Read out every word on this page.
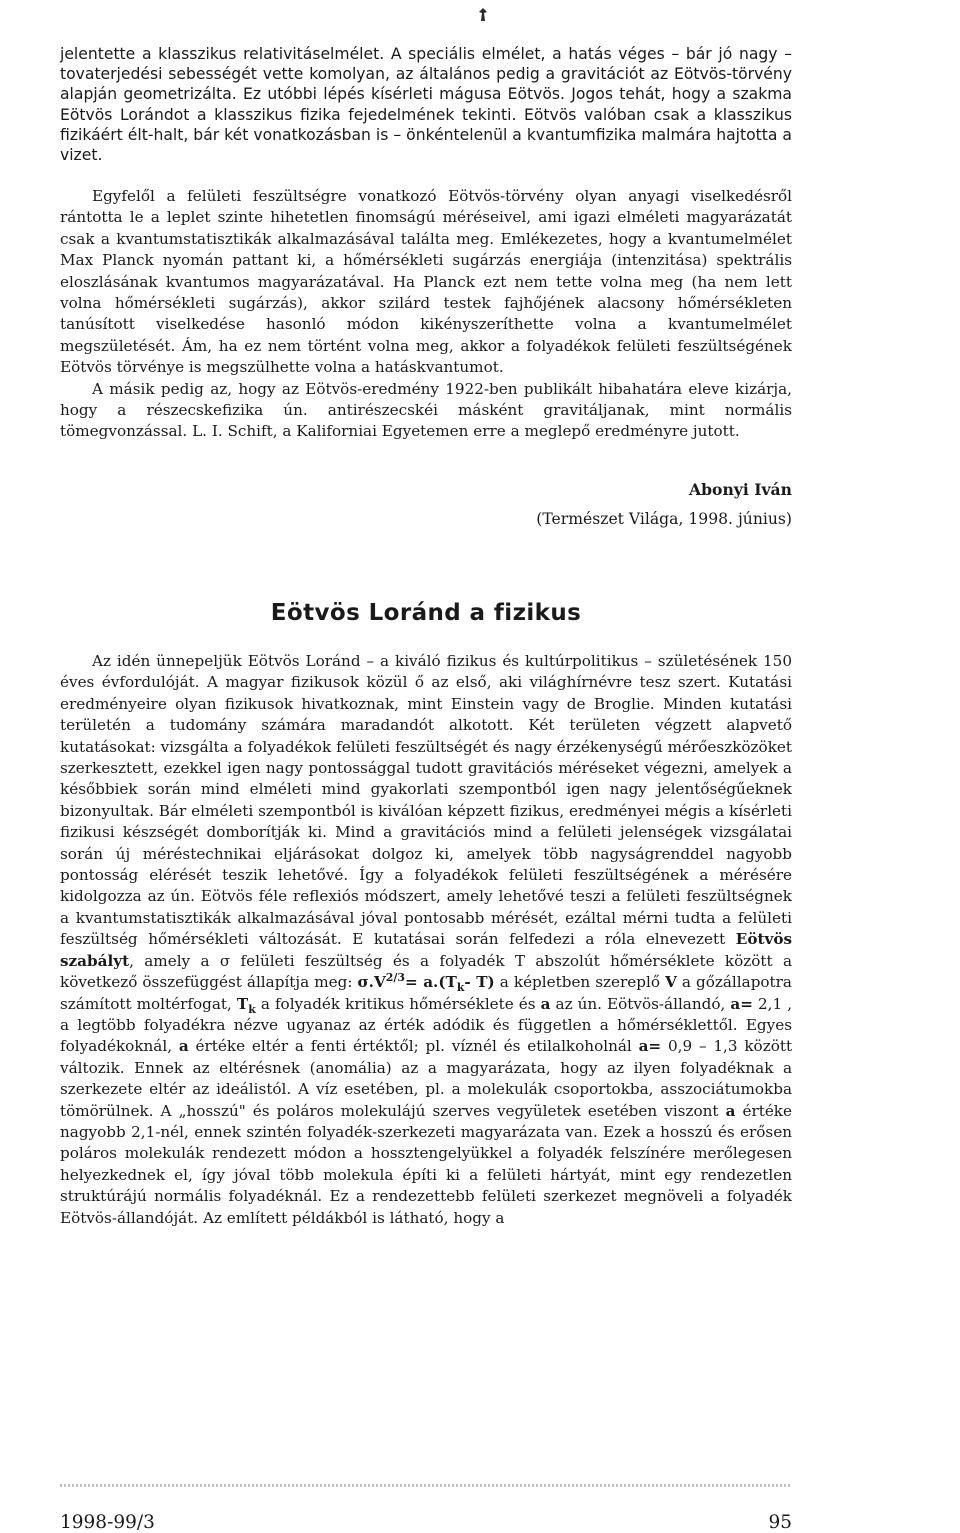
jelentette a klasszikus relativitáselmélet. A speciális elmélet, a hatás véges – bár jó nagy – tovaterjedési sebességét vette komolyan, az általános pedig a gravitációt az Eötvös-törvény alapján geometrizálta. Ez utóbbi lépés kísérleti mágusa Eötvös. Jogos tehát, hogy a szakma Eötvös Lorándot a klasszikus fizika fejedelmének tekinti. Eötvös valóban csak a klasszikus fizikáért élt-halt, bár két vonatkozásban is – önkéntelenül a kvantumfizika malmára hajtotta a vizet.

Egyfelől a felületi feszültségre vonatkozó Eötvös-törvény olyan anyagi viselkedésről rántotta le a leplet szinte hihetetlen finomságú méréseivel, ami igazi elméleti magyarázatát csak a kvantumstatisztikák alkalmazásával találta meg. Emlékezetes, hogy a kvantumelmélet Max Planck nyomán pattant ki, a hőmérsékleti sugárzás energiája (intenzitása) spektrális eloszlásának kvantumos magyarázatával. Ha Planck ezt nem tette volna meg (ha nem lett volna hőmérsékleti sugárzás), akkor szilárd testek fajhőjének alacsony hőmérsékleten tanúsított viselkedése hasonló módon kikényszeríthette volna a kvantumelmélet megszületését. Ám, ha ez nem történt volna meg, akkor a folyadékok felületi feszültségének Eötvös törvénye is megszülhette volna a hatáskvantumot.

A másik pedig az, hogy az Eötvös-eredmény 1922-ben publikált hibahatára eleve kizárja, hogy a részecskefizika ún. antirészecskéi másként gravitáljanak, mint normális tömegvonzással. L. I. Schift, a Kaliforniai Egyetemen erre a meglepő eredményre jutott.

Abonyi Iván
(Természet Világa, 1998. június)
Eötvös Loránd a fizikus

Az idén ünnepeljük Eötvös Loránd – a kiváló fizikus és kultúrpolitikus – születésének 150 éves évfordulóját. A magyar fizikusok közül ő az első, aki világhírnévre tesz szert. Kutatási eredményeire olyan fizikusok hivatkoznak, mint Einstein vagy de Broglie. Minden kutatási területén a tudomány számára maradandót alkotott. Két területen végzett alapvető kutatásokat: vizsgálta a folyadékok felületi feszültségét és nagy érzékenységű mérőeszközöket szerkesztett, ezekkel igen nagy pontossággal tudott gravitációs méréseket végezni, amelyek a későbbiek során mind elméleti mind gyakorlati szempontból igen nagy jelentőségűeknek bizonyultak. Bár elméleti szempontból is kiválóan képzett fizikus, eredményei mégis a kísérleti fizikusi készségét domborítják ki. Mind a gravitációs mind a felületi jelenségek vizsgálatai során új méréstechnikai eljárásokat dolgoz ki, amelyek több nagyságrenddel nagyobb pontosság elérését teszik lehetővé. Így a folyadékok felületi feszültségének a mérésére kidolgozza az ún. Eötvös féle reflexiós módszert, amely lehetővé teszi a felületi feszültségnek a kvantumstatisztikák alkalmazásával jóval pontosabb mérését, ezáltal mérni tudta a felületi feszültség hőmérsékleti változását. E kutatásai során felfedezi a róla elnevezett Eötvös szabályt, amely a σ felületi feszültség és a folyadék T abszolút hőmérséklete között a következő összefüggést állapítja meg: $\sigma.V^{2/3}= a.(T_k-$ T) a képletben szereplő V a gőzállapotra számított moltérfogat, $T_k$ a folyadék kritikus hőmérséklete és a az ún. Eötvös-állandó, a= 2,1 , a legtöbb folyadékra nézve ugyanaz az érték adódik és független a hőmérséklettől. Egyes folyadékoknál, a értéke eltér a fenti értéktől; pl. víznél és etilalkoholnál a= 0,9 – 1,3 között változik. Ennek az eltérésnek (anomália) az a magyarázata, hogy az ilyen folyadéknak a szerkezete eltér az ideálistól. A víz esetében, pl. a molekulák csoportokba, asszociátumokba tömörülnek. A „hosszú" és poláros molekulájú szerves vegyületek esetében viszont a értéke nagyobb 2,1-nél, ennek szintén folyadék-szerkezeti magyarázata van. Ezek a hosszú és erősen poláros molekulák rendezett módon a hossztengelyükkel a folyadék felszínére merőlegesen helyezkednek el, így jóval több molekula építi ki a felületi hártyát, mint egy rendezetlen struktúrájú normális folyadéknál. Ez a rendezettebb felületi szerkezet megnöveli a folyadék Eötvös-állandóját. Az említett példákból is látható, hogy a

1998-99/3	95
